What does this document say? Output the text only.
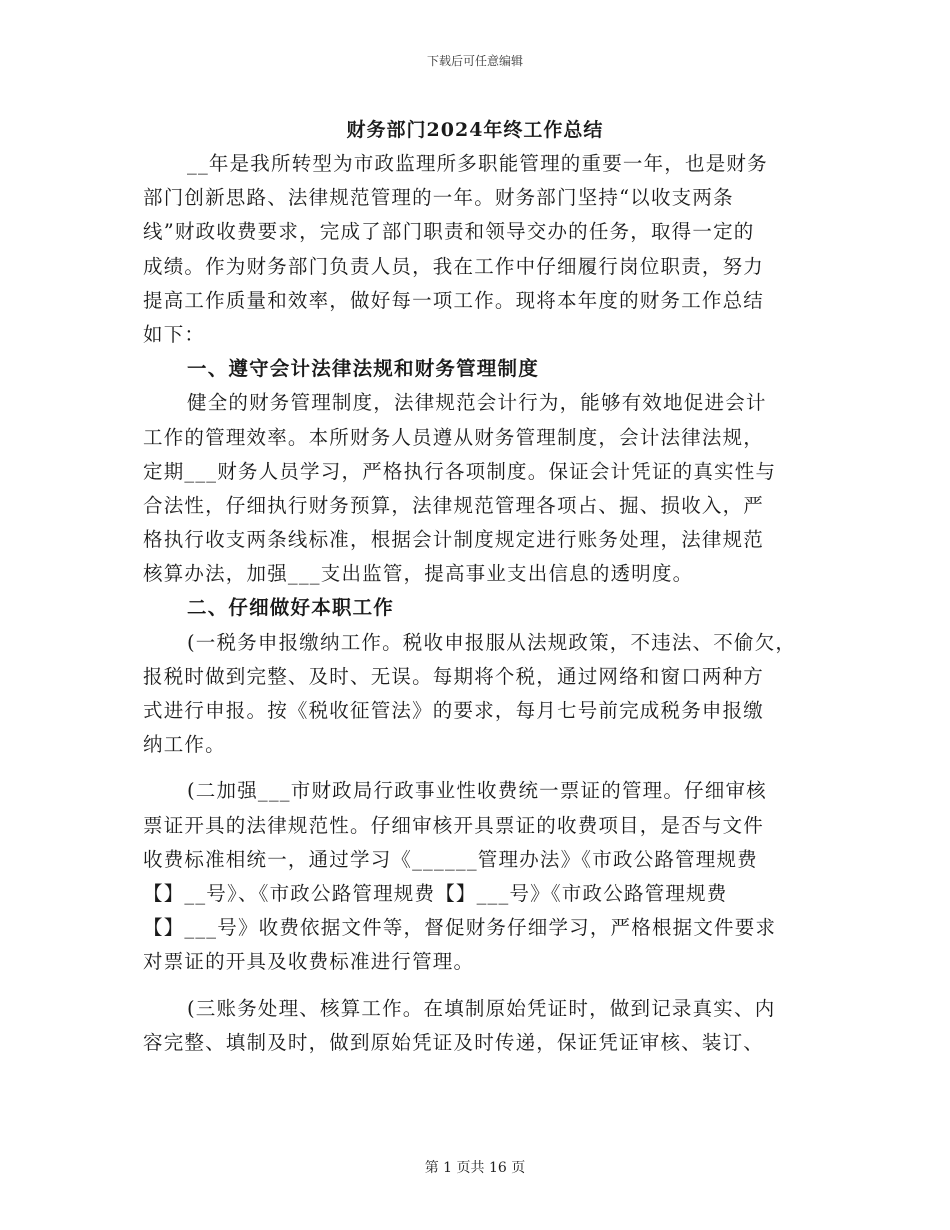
下载后可任意编辑
财务部门2024年终工作总结
__年是我所转型为市政监理所多职能管理的重要一年，也是财务
部门创新思路、法律规范管理的一年。财务部门坚持“以收支两条
线”财政收费要求，完成了部门职责和领导交办的任务，取得一定的
成绩。作为财务部门负责人员，我在工作中仔细履行岗位职责，努力
提高工作质量和效率，做好每一项工作。现将本年度的财务工作总结
如下：
一、遵守会计法律法规和财务管理制度
健全的财务管理制度，法律规范会计行为，能够有效地促进会计
工作的管理效率。本所财务人员遵从财务管理制度，会计法律法规，
定期___财务人员学习，严格执行各项制度。保证会计凭证的真实性与
合法性，仔细执行财务预算，法律规范管理各项占、掘、损收入，严
格执行收支两条线标准，根据会计制度规定进行账务处理，法律规范
核算办法，加强___支出监管，提高事业支出信息的透明度。
二、仔细做好本职工作
(一税务申报缴纳工作。税收申报服从法规政策，不违法、不偷欠，
报税时做到完整、及时、无误。每期将个税，通过网络和窗口两种方
式进行申报。按《税收征管法》的要求，每月七号前完成税务申报缴
纳工作。
(二加强___市财政局行政事业性收费统一票证的管理。仔细审核
票证开具的法律规范性。仔细审核开具票证的收费项目，是否与文件
收费标准相统一，通过学习《______管理办法》《市政公路管理规费
【】__号》、《市政公路管理规费【】___号》《市政公路管理规费
【】___号》收费依据文件等，督促财务仔细学习，严格根据文件要求
对票证的开具及收费标准进行管理。
(三账务处理、核算工作。在填制原始凭证时，做到记录真实、内
容完整、填制及时，做到原始凭证及时传递，保证凭证审核、装订、
第 1 页共 16 页
